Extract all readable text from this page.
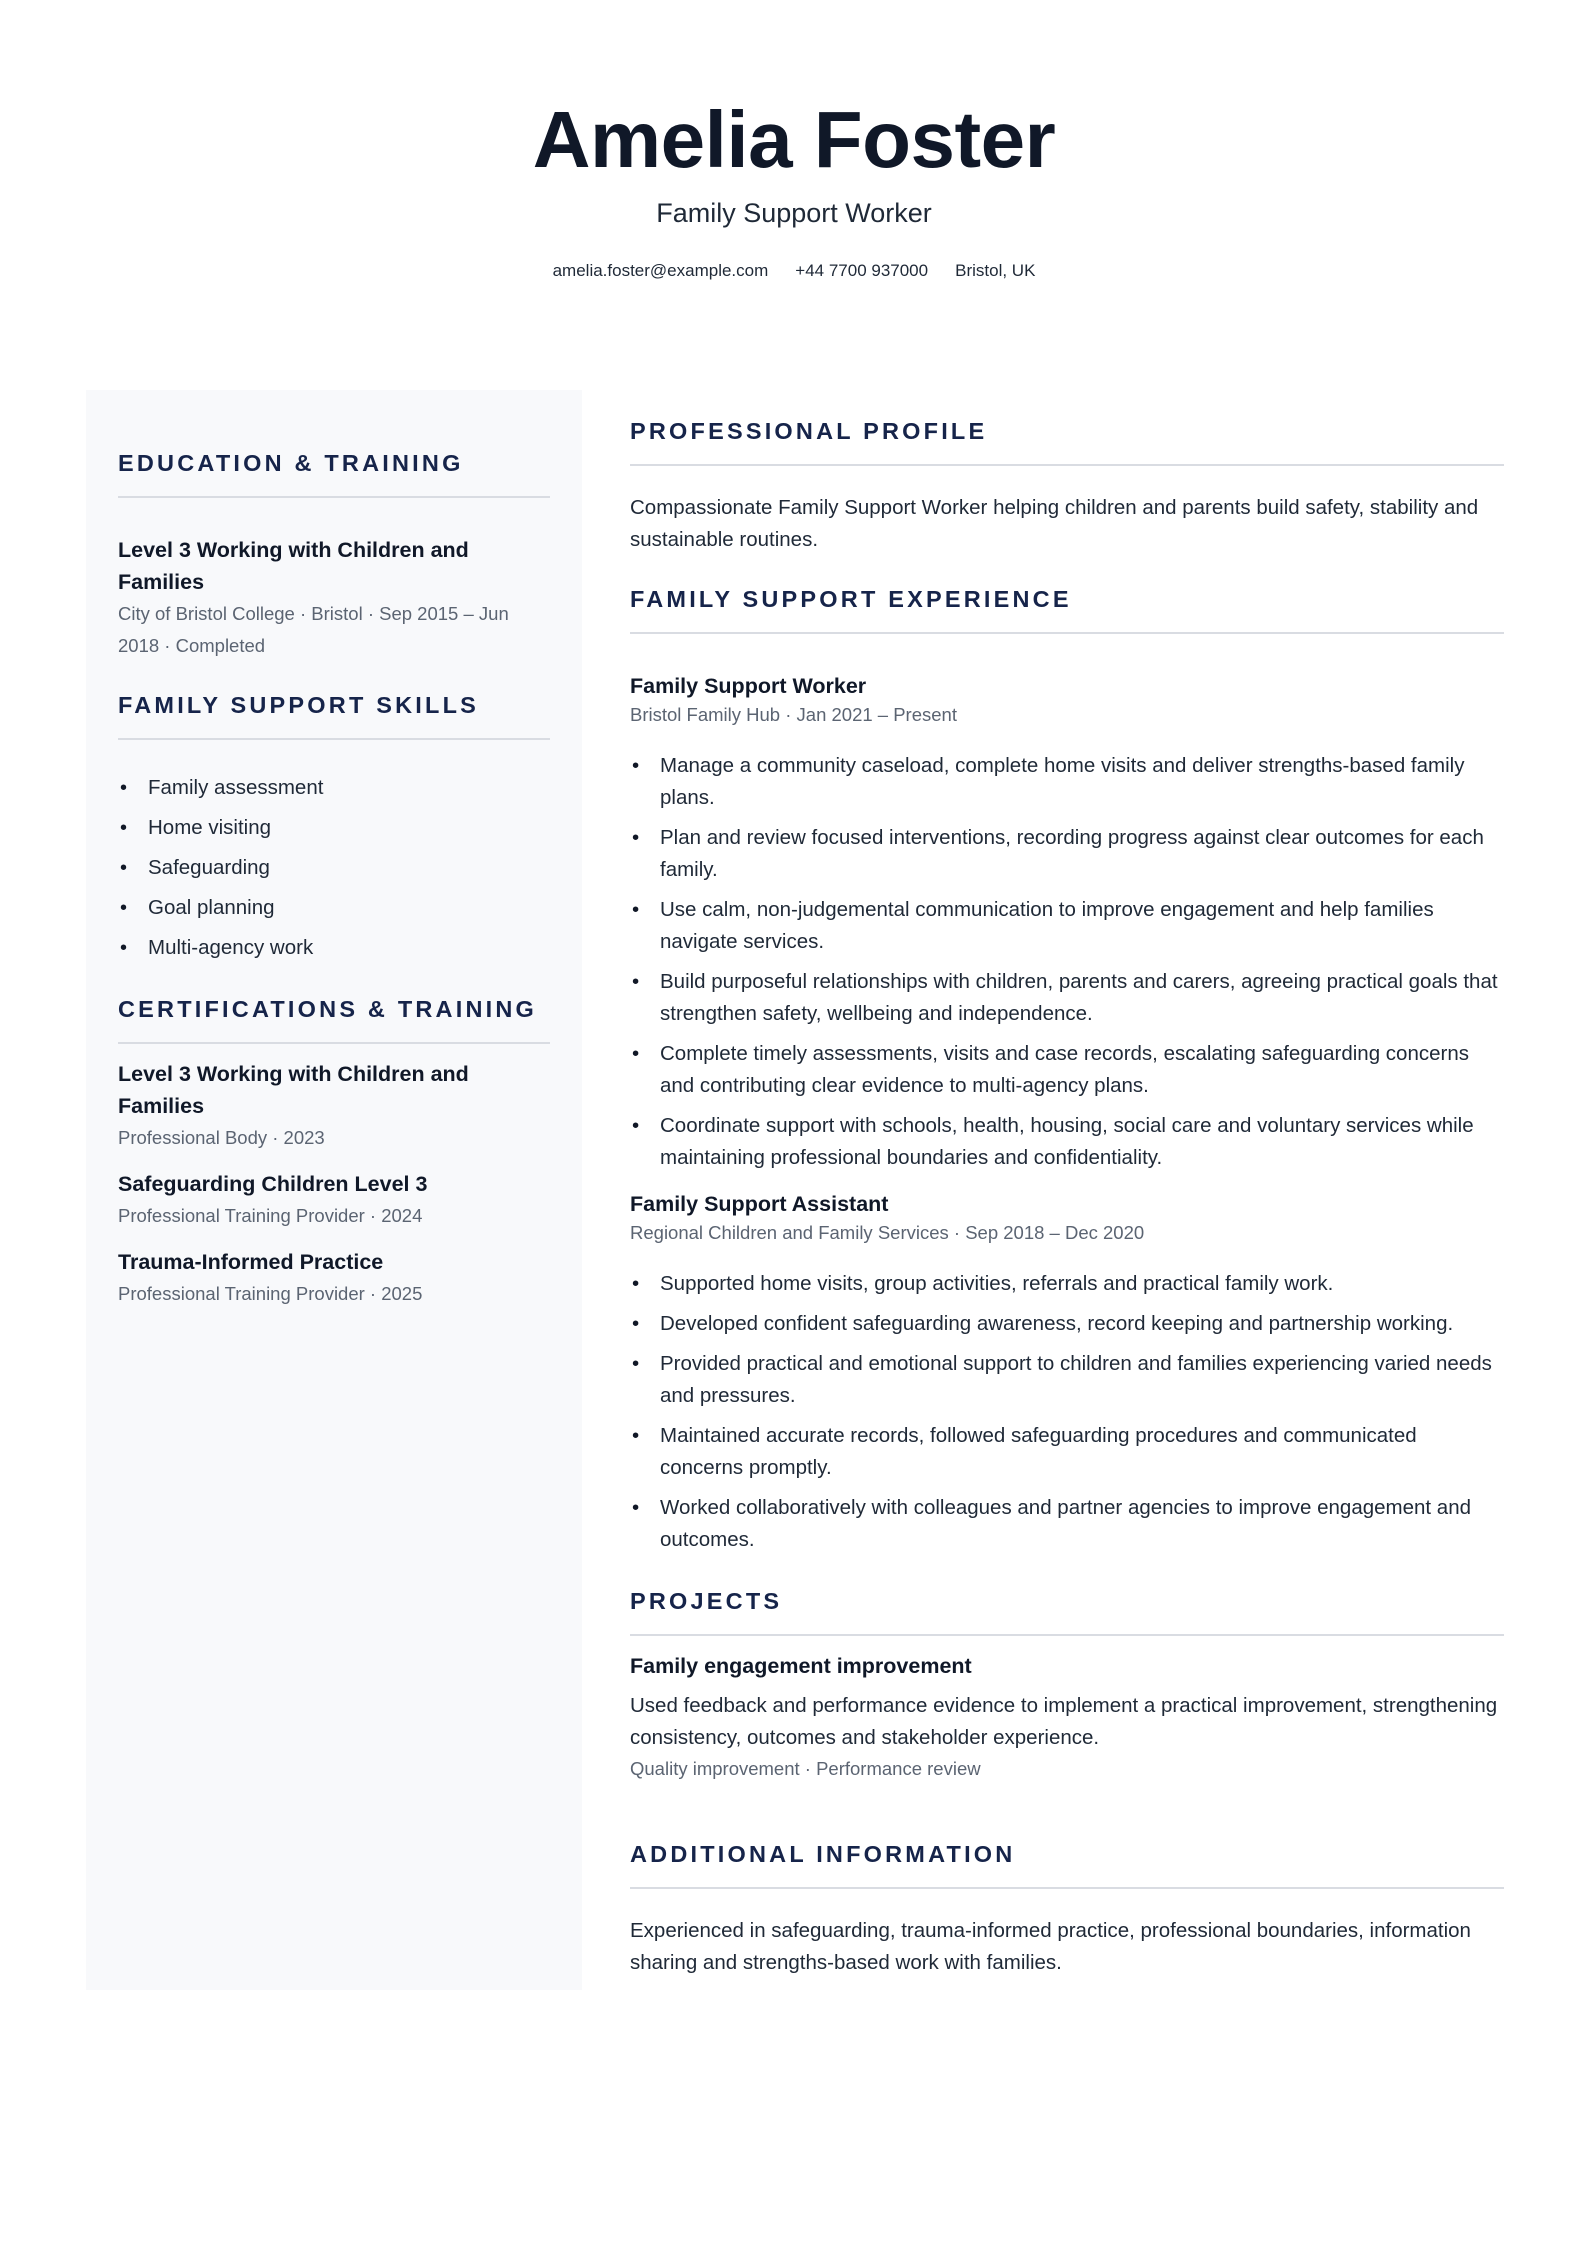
Amelia Foster
Family Support Worker
amelia.foster@example.com +44 7700 937000 Bristol, UK
EDUCATION & TRAINING
Level 3 Working with Children and Families
City of Bristol College · Bristol · Sep 2015 – Jun 2018 · Completed
FAMILY SUPPORT SKILLS
• Family assessment
• Home visiting
• Safeguarding
• Goal planning
• Multi-agency work
CERTIFICATIONS & TRAINING
Level 3 Working with Children and Families
Professional Body · 2023
Safeguarding Children Level 3
Professional Training Provider · 2024
Trauma-Informed Practice
Professional Training Provider · 2025
PROFESSIONAL PROFILE
Compassionate Family Support Worker helping children and parents build safety, stability and sustainable routines.
FAMILY SUPPORT EXPERIENCE
Family Support Worker
Bristol Family Hub · Jan 2021 – Present
• Manage a community caseload, complete home visits and deliver strengths-based family plans.
• Plan and review focused interventions, recording progress against clear outcomes for each family.
• Use calm, non-judgemental communication to improve engagement and help families navigate services.
• Build purposeful relationships with children, parents and carers, agreeing practical goals that strengthen safety, wellbeing and independence.
• Complete timely assessments, visits and case records, escalating safeguarding concerns and contributing clear evidence to multi-agency plans.
• Coordinate support with schools, health, housing, social care and voluntary services while maintaining professional boundaries and confidentiality.
Family Support Assistant
Regional Children and Family Services · Sep 2018 – Dec 2020
• Supported home visits, group activities, referrals and practical family work.
• Developed confident safeguarding awareness, record keeping and partnership working.
• Provided practical and emotional support to children and families experiencing varied needs and pressures.
• Maintained accurate records, followed safeguarding procedures and communicated concerns promptly.
• Worked collaboratively with colleagues and partner agencies to improve engagement and outcomes.
PROJECTS
Family engagement improvement
Used feedback and performance evidence to implement a practical improvement, strengthening consistency, outcomes and stakeholder experience.
Quality improvement · Performance review
ADDITIONAL INFORMATION
Experienced in safeguarding, trauma-informed practice, professional boundaries, information sharing and strengths-based work with families.
